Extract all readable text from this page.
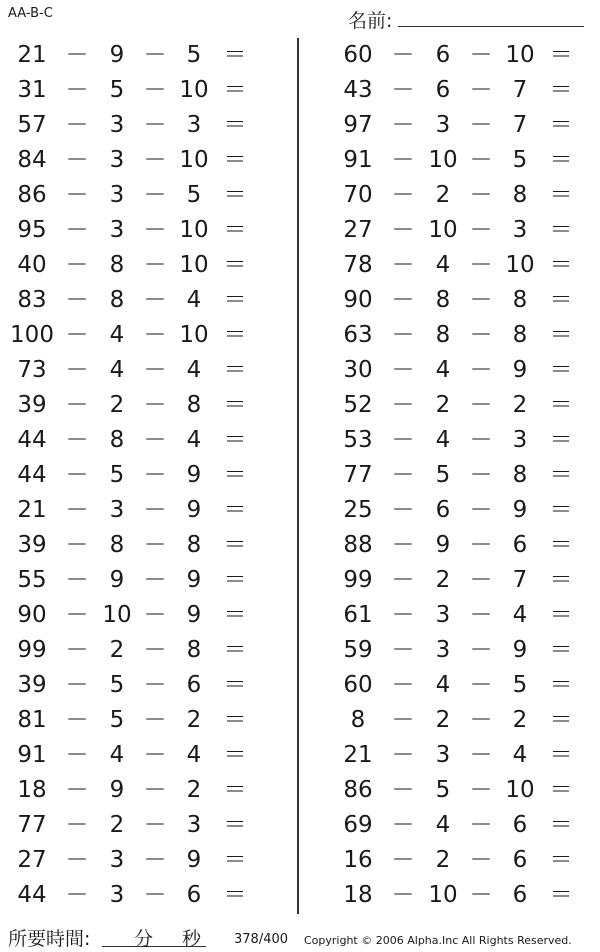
AA-B-C	名前:
21 － 9 － 5 ＝
31 － 5 － 10 ＝
57 － 3 － 3 ＝
84 － 3 － 10 ＝
86 － 3 － 5 ＝
95 － 3 － 10 ＝
40 － 8 － 10 ＝
83 － 8 － 4 ＝
100 － 4 － 10 ＝
73 － 4 － 4 ＝
39 － 2 － 8 ＝
44 － 8 － 4 ＝
44 － 5 － 9 ＝
21 － 3 － 9 ＝
39 － 8 － 8 ＝
55 － 9 － 9 ＝
90 － 10 － 9 ＝
99 － 2 － 8 ＝
39 － 5 － 6 ＝
81 － 5 － 2 ＝
91 － 4 － 4 ＝
18 － 9 － 2 ＝
77 － 2 － 3 ＝
27 － 3 － 9 ＝
44 － 3 － 6 ＝
60 － 6 － 10 ＝
43 － 6 － 7 ＝
97 － 3 － 7 ＝
91 － 10 － 5 ＝
70 － 2 － 8 ＝
27 － 10 － 3 ＝
78 － 4 － 10 ＝
90 － 8 － 8 ＝
63 － 8 － 8 ＝
30 － 4 － 9 ＝
52 － 2 － 2 ＝
53 － 4 － 3 ＝
77 － 5 － 8 ＝
25 － 6 － 9 ＝
88 － 9 － 6 ＝
99 － 2 － 7 ＝
61 － 3 － 4 ＝
59 － 3 － 9 ＝
60 － 4 － 5 ＝
8	－ 2 － 2 ＝
21 － 3 － 4 ＝
86 － 5 － 10 ＝
69 － 4 － 6 ＝
16 － 2 － 6 ＝
18 － 10 － 6 ＝
所要時間: 分 秒	378/400 Copyright © 2006 Alpha.Inc All Rights Reserved.
